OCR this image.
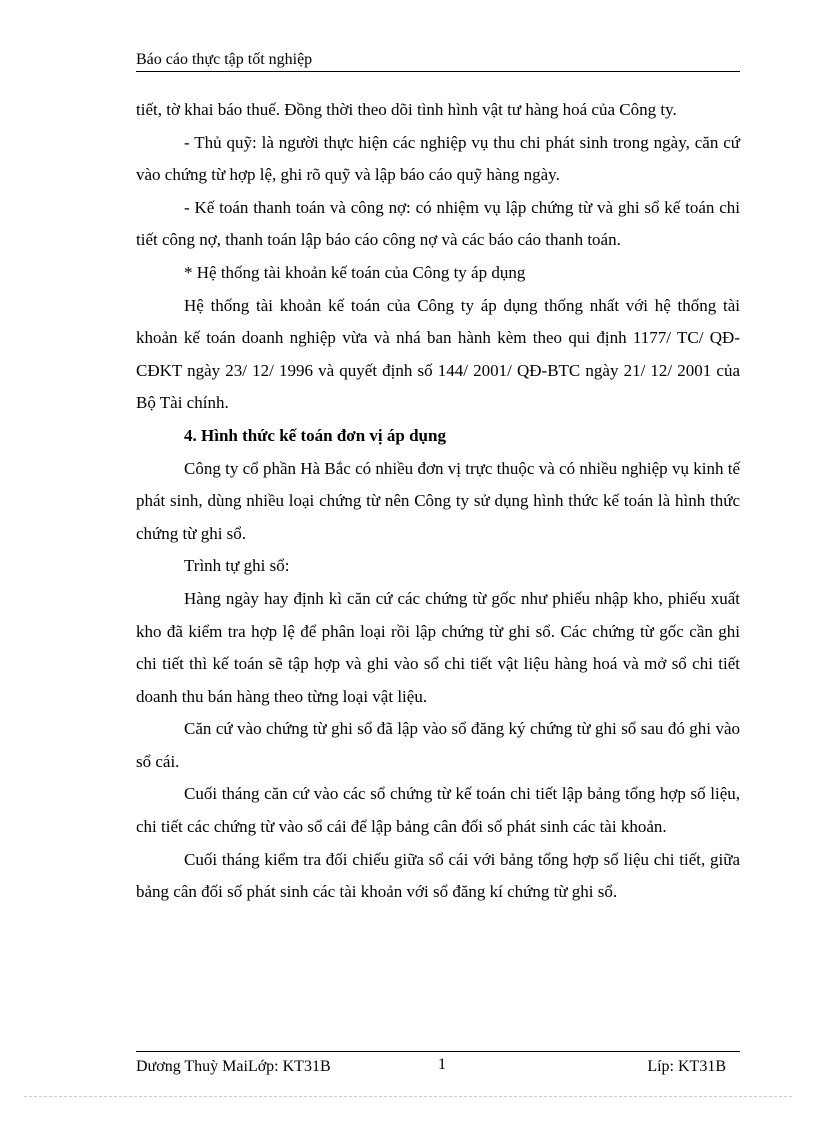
Báo cáo thực tập tốt nghiệp

tiết, tờ khai báo thuế. Đồng thời theo dõi tình hình vật tư hàng hoá của Công ty.

- Thủ quỹ: là người thực hiện các nghiệp vụ thu chi phát sinh trong ngày, căn cứ vào chứng từ hợp lệ, ghi rõ quỹ và lập báo cáo quỹ hàng ngày.

- Kế toán thanh toán và công nợ: có nhiệm vụ lập chứng từ và ghi sổ kế toán chi tiết công nợ, thanh toán lập báo cáo công nợ và các báo cáo thanh toán.

* Hệ thống tài khoản kế toán của Công ty áp dụng

Hệ thống tài khoản kế toán của Công ty áp dụng thống nhất với hệ thống tài khoản kế toán doanh nghiệp vừa và nhá ban hành kèm theo qui định 1177/ TC/ QĐ-CĐKT ngày 23/ 12/ 1996 và quyết định số 144/ 2001/ QĐ-BTC ngày 21/ 12/ 2001 của Bộ Tài chính.

4. Hình thức kế toán đơn vị áp dụng

Công ty cổ phần Hà Bắc có nhiều đơn vị trực thuộc và có nhiều nghiệp vụ kinh tế phát sinh, dùng nhiều loại chứng từ nên Công ty sử dụng hình thức kế toán là hình thức chứng từ ghi sổ.

Trình tự ghi sổ:

Hàng ngày hay định kì căn cứ các chứng từ gốc như phiếu nhập kho, phiếu xuất kho đã kiểm tra hợp lệ để phân loại rồi lập chứng từ ghi sổ. Các chứng từ gốc cần ghi chi tiết thì kế toán sẽ tập hợp và ghi vào sổ chi tiết vật liệu hàng hoá và mở sổ chi tiết doanh thu bán hàng theo từng loại vật liệu.

Căn cứ vào chứng từ ghi sổ đã lập vào sổ đăng ký chứng từ ghi sổ sau đó ghi vào sổ cái.

Cuối tháng căn cứ vào các sổ chứng từ kế toán chi tiết lập bảng tổng hợp số liệu, chi tiết các chứng từ vào sổ cái để lập bảng cân đối số phát sinh các tài khoản.

Cuối tháng kiểm tra đối chiếu giữa sổ cái với bảng tổng hợp số liệu chi tiết, giữa bảng cân đối số phát sinh các tài khoản với sổ đăng kí chứng từ ghi sổ.

Dương Thuỳ MaiLớp: KT31B	1	Líp: KT31B
